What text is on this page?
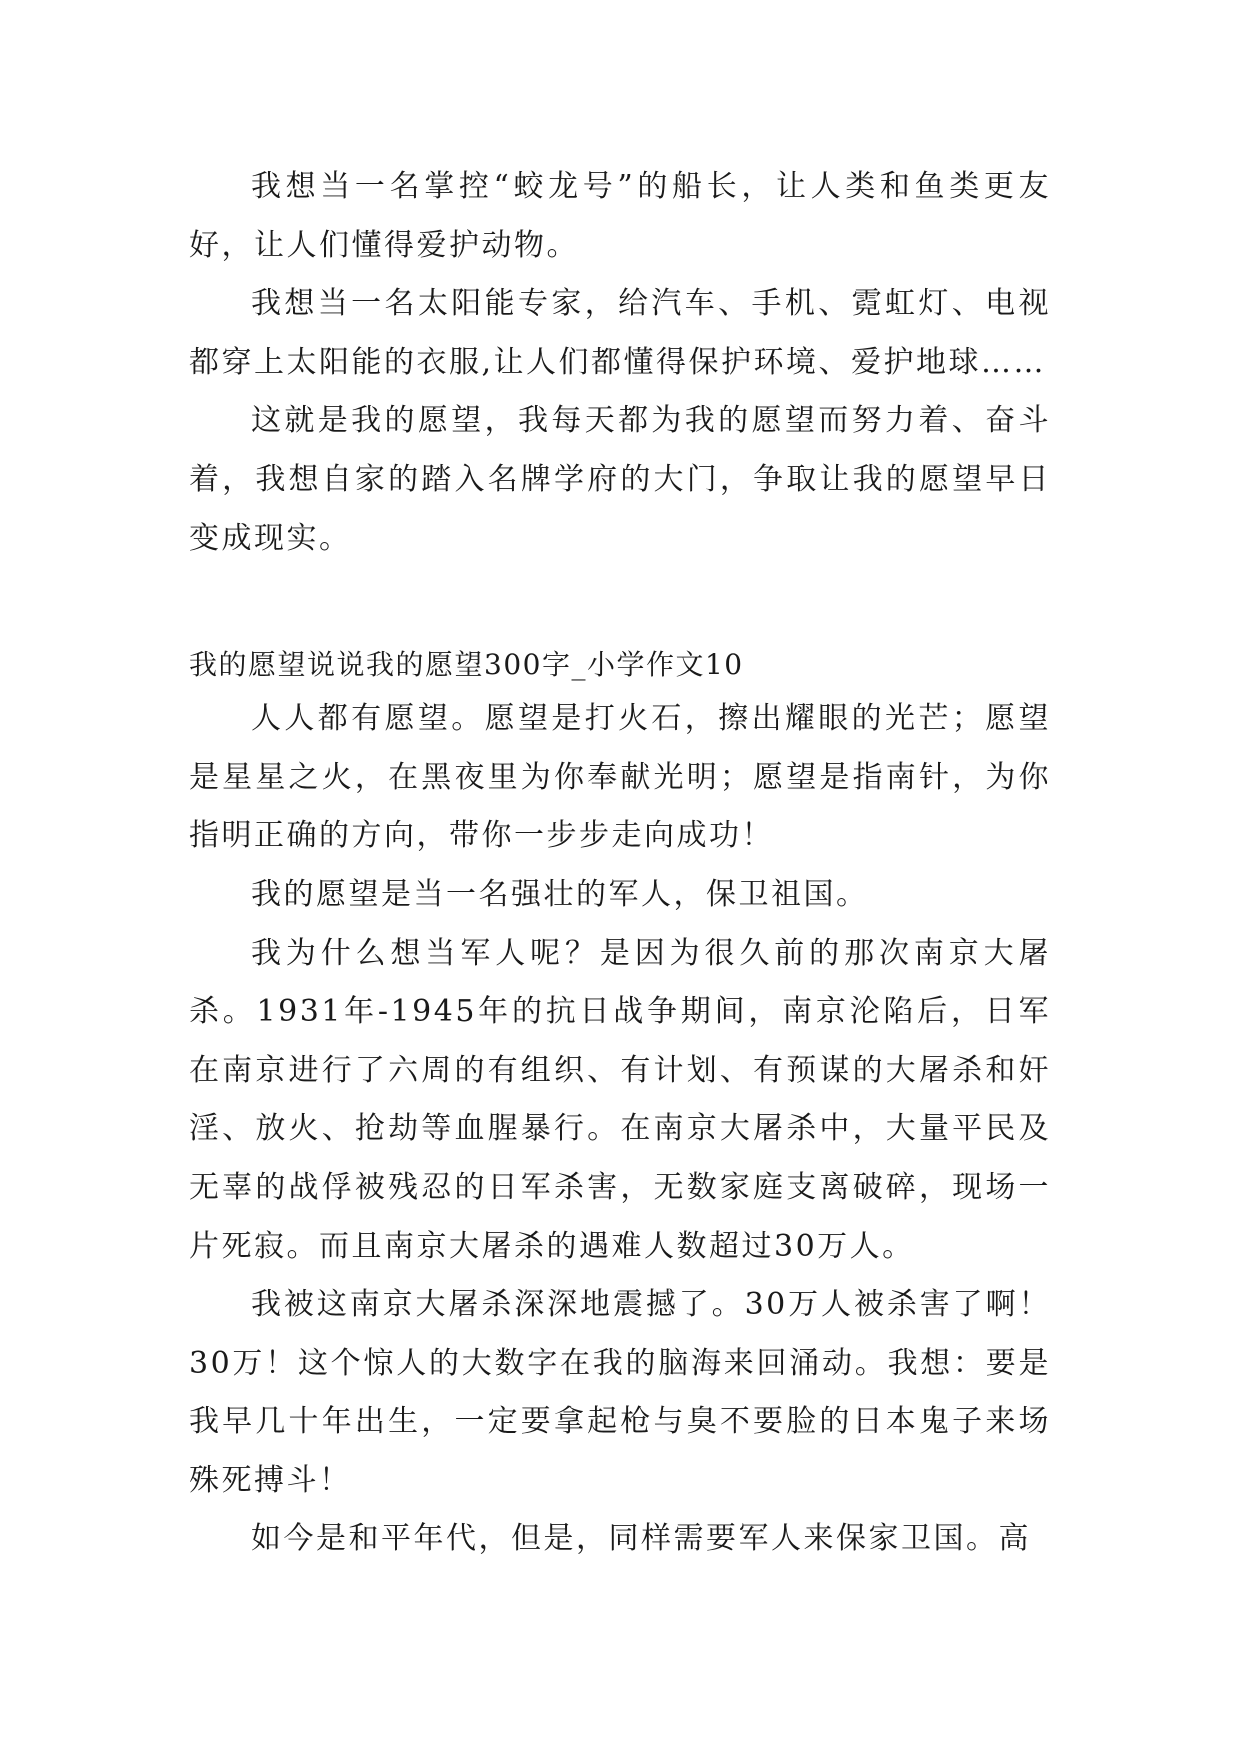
我想当一名掌控“蛟龙号”的船长，让人类和鱼类更友好，让人们懂得爱护动物。

我想当一名太阳能专家，给汽车、手机、霓虹灯、电视都穿上太阳能的衣服,让人们都懂得保护环境、爱护地球……

这就是我的愿望，我每天都为我的愿望而努力着、奋斗着，我想自家的踏入名牌学府的大门，争取让我的愿望早日变成现实。

我的愿望说说我的愿望300字_小学作文10

人人都有愿望。愿望是打火石，擦出耀眼的光芒；愿望是星星之火，在黑夜里为你奉献光明；愿望是指南针，为你指明正确的方向，带你一步步走向成功！

我的愿望是当一名强壮的军人，保卫祖国。

我为什么想当军人呢？是因为很久前的那次南京大屠杀。1931年-1945年的抗日战争期间，南京沦陷后，日军在南京进行了六周的有组织、有计划、有预谋的大屠杀和奸淫、放火、抢劫等血腥暴行。在南京大屠杀中，大量平民及无辜的战俘被残忍的日军杀害，无数家庭支离破碎，现场一片死寂。而且南京大屠杀的遇难人数超过30万人。

我被这南京大屠杀深深地震撼了。30万人被杀害了啊！30万！这个惊人的大数字在我的脑海来回涌动。我想：要是我早几十年出生，一定要拿起枪与臭不要脸的日本鬼子来场殊死搏斗！

如今是和平年代，但是，同样需要军人来保家卫国。高
